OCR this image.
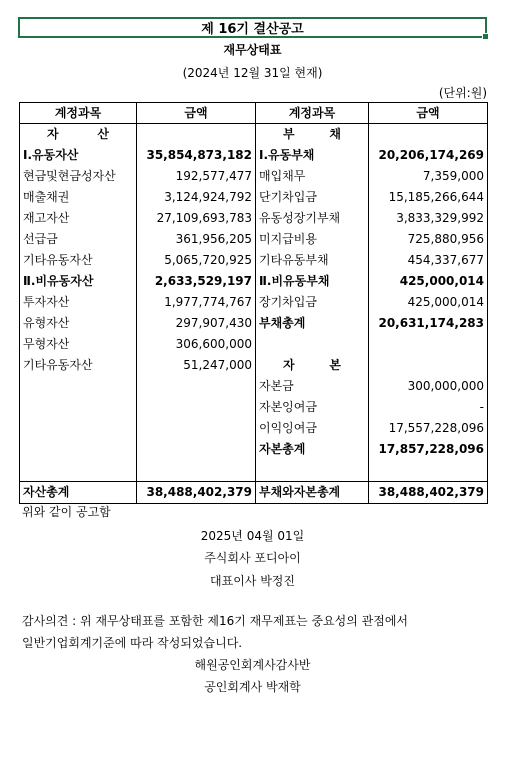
제 16기 결산공고
재무상태표
(2024년 12월 31일 현재)
(단위:원)
계정과목	금액	계정과목	금액

자 산		부 채	

Ⅰ.유동자산	35,854,873,182	Ⅰ.유동부채	20,206,174,269
현금및현금성자산	192,577,477	매입채무	7,359,000
매출채권	3,124,924,792	단기차입금	15,185,266,644
재고자산	27,109,693,783	유동성장기부채	3,833,329,992
선급금	361,956,205	미지급비용	725,880,956
기타유동자산	5,065,720,925	기타유동부채	454,337,677
Ⅱ.비유동자산	2,633,529,197	Ⅱ.비유동부채	425,000,014
투자자산	1,977,774,767	장기차입금	425,000,014
유형자산	297,907,430	부채총계	20,631,174,283
무형자산	306,600,000		
기타유동자산	51,247,000	자 본	

		자본금	300,000,000
		자본잉여금	-
		이익잉여금	17,557,228,096
		자본총계	17,857,228,096

자산총계	38,488,402,379	부채와자본총계	38,488,402,379
위와 같이 공고함
2025년 04월 01일
주식회사 포디아이
대표이사 박정진
감사의견 : 위 재무상태표를 포함한 제16기 재무제표는 중요성의 관점에서
일반기업회계기준에 따라 작성되었습니다.
해원공인회계사감사반
공인회계사 박재학
